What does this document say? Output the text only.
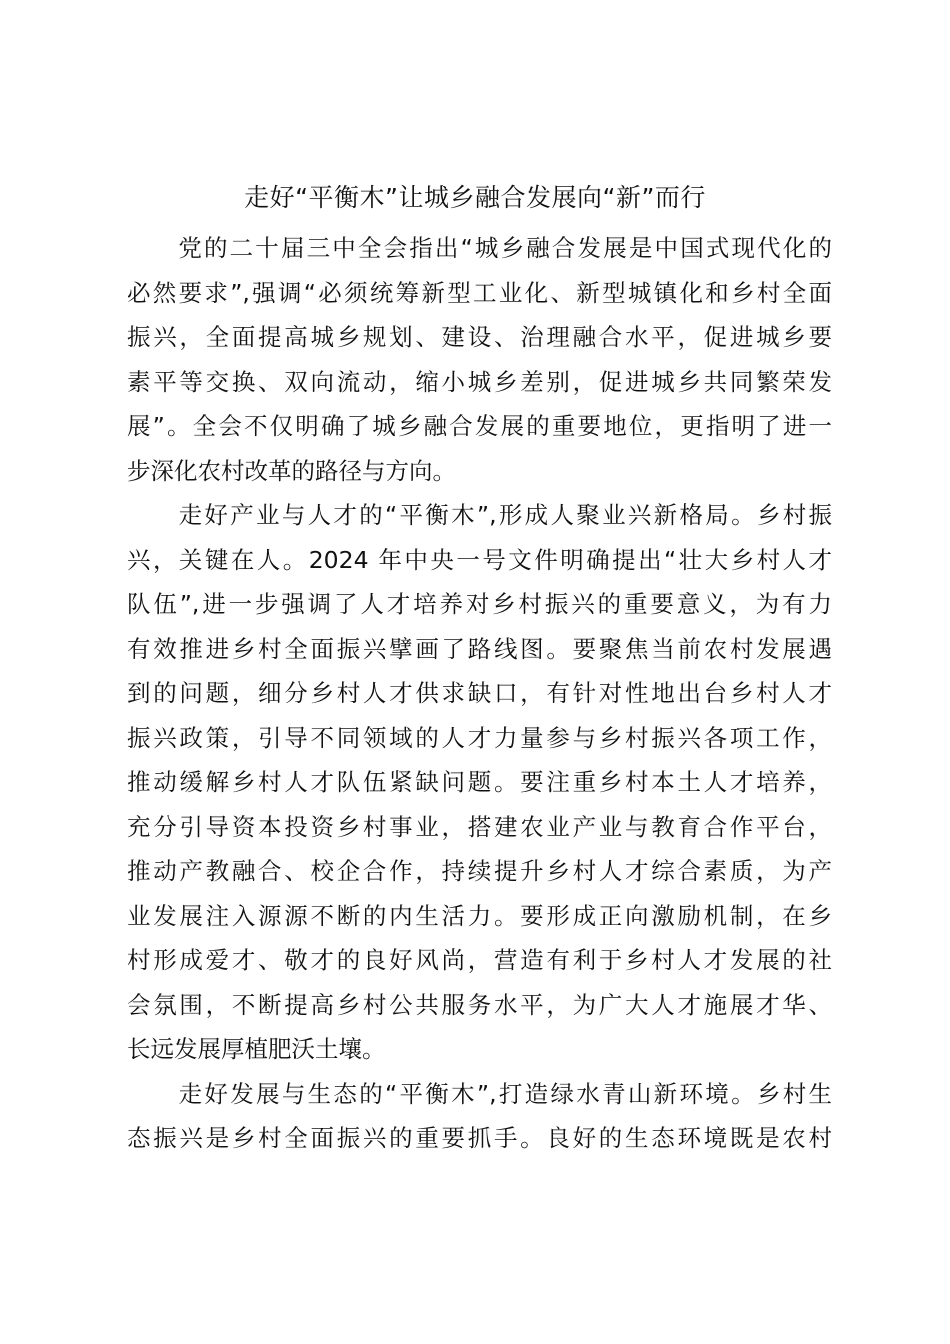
走好“平衡木”让城乡融合发展向“新”而行

　　党的二十届三中全会指出“城乡融合发展是中国式现代化的
必然要求”,强调“必须统筹新型工业化、新型城镇化和乡村全面
振兴，全面提高城乡规划、建设、治理融合水平，促进城乡要
素平等交换、双向流动，缩小城乡差别，促进城乡共同繁荣发
展”。全会不仅明确了城乡融合发展的重要地位，更指明了进一
步深化农村改革的路径与方向。

　　走好产业与人才的“平衡木”,形成人聚业兴新格局。乡村振
兴，关键在人。2024 年中央一号文件明确提出“壮大乡村人才
队伍”,进一步强调了人才培养对乡村振兴的重要意义，为有力
有效推进乡村全面振兴擘画了路线图。要聚焦当前农村发展遇
到的问题，细分乡村人才供求缺口，有针对性地出台乡村人才
振兴政策，引导不同领域的人才力量参与乡村振兴各项工作，
推动缓解乡村人才队伍紧缺问题。要注重乡村本土人才培养，
充分引导资本投资乡村事业，搭建农业产业与教育合作平台，
推动产教融合、校企合作，持续提升乡村人才综合素质，为产
业发展注入源源不断的内生活力。要形成正向激励机制，在乡
村形成爱才、敬才的良好风尚，营造有利于乡村人才发展的社
会氛围，不断提高乡村公共服务水平，为广大人才施展才华、
长远发展厚植肥沃土壤。

　　走好发展与生态的“平衡木”,打造绿水青山新环境。乡村生
态振兴是乡村全面振兴的重要抓手。良好的生态环境既是农村
